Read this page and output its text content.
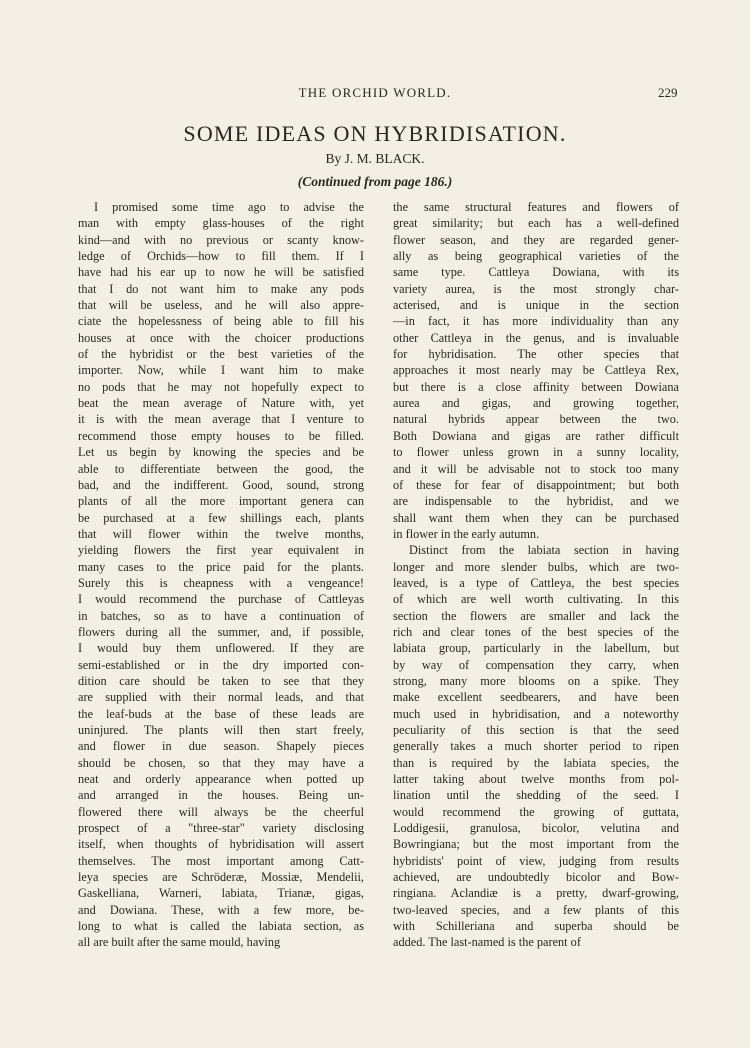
THE ORCHID WORLD.	229
SOME IDEAS ON HYBRIDISATION.
By J. M. BLACK.
(Continued from page 186.)
I promised some time ago to advise the
man with empty glass-houses of the right
kind—and with no previous or scanty know-
ledge of Orchids—how to fill them. If I
have had his ear up to now he will be satisfied
that I do not want him to make any pods
that will be useless, and he will also appre-
ciate the hopelessness of being able to fill his
houses at once with the choicer productions
of the hybridist or the best varieties of the
importer. Now, while I want him to make
no pods that he may not hopefully expect to
beat the mean average of Nature with, yet
it is with the mean average that I venture to
recommend those empty houses to be filled.
Let us begin by knowing the species and be
able to differentiate between the good, the
bad, and the indifferent. Good, sound, strong
plants of all the more important genera can
be purchased at a few shillings each, plants
that will flower within the twelve months,
yielding flowers the first year equivalent in
many cases to the price paid for the plants.
Surely this is cheapness with a vengeance!
I would recommend the purchase of Cattleyas
in batches, so as to have a continuation of
flowers during all the summer, and, if possible,
I would buy them unflowered. If they are
semi-established or in the dry imported con-
dition care should be taken to see that they
are supplied with their normal leads, and that
the leaf-buds at the base of these leads are
uninjured. The plants will then start freely,
and flower in due season. Shapely pieces
should be chosen, so that they may have a
neat and orderly appearance when potted up
and arranged in the houses. Being un-
flowered there will always be the cheerful
prospect of a "three-star" variety disclosing
itself, when thoughts of hybridisation will assert
themselves. The most important among Catt-
leya species are Schröderæ, Mossiæ, Mendelii,
Gaskelliana, Warneri, labiata, Trianæ, gigas,
and Dowiana. These, with a few more, be-
long to what is called the labiata section, as
all are built after the same mould, having
the same structural features and flowers of
great similarity; but each has a well-defined
flower season, and they are regarded gener-
ally as being geographical varieties of the
same type. Cattleya Dowiana, with its
variety aurea, is the most strongly char-
acterised, and is unique in the section
—in fact, it has more individuality than any
other Cattleya in the genus, and is invaluable
for hybridisation. The other species that
approaches it most nearly may be Cattleya Rex,
but there is a close affinity between Dowiana
aurea and gigas, and growing together,
natural hybrids appear between the two.
Both Dowiana and gigas are rather difficult
to flower unless grown in a sunny locality,
and it will be advisable not to stock too many
of these for fear of disappointment; but both
are indispensable to the hybridist, and we
shall want them when they can be purchased
in flower in the early autumn.
Distinct from the labiata section in having
longer and more slender bulbs, which are two-
leaved, is a type of Cattleya, the best species
of which are well worth cultivating. In this
section the flowers are smaller and lack the
rich and clear tones of the best species of the
labiata group, particularly in the labellum, but
by way of compensation they carry, when
strong, many more blooms on a spike. They
make excellent seedbearers, and have been
much used in hybridisation, and a noteworthy
peculiarity of this section is that the seed
generally takes a much shorter period to ripen
than is required by the labiata species, the
latter taking about twelve months from pol-
lination until the shedding of the seed. I
would recommend the growing of guttata,
Loddigesii, granulosa, bicolor, velutina and
Bowringiana; but the most important from the
hybridists' point of view, judging from results
achieved, are undoubtedly bicolor and Bow-
ringiana. Aclandiæ is a pretty, dwarf-growing,
two-leaved species, and a few plants of this
with Schilleriana and superba should be
added. The last-named is the parent of
